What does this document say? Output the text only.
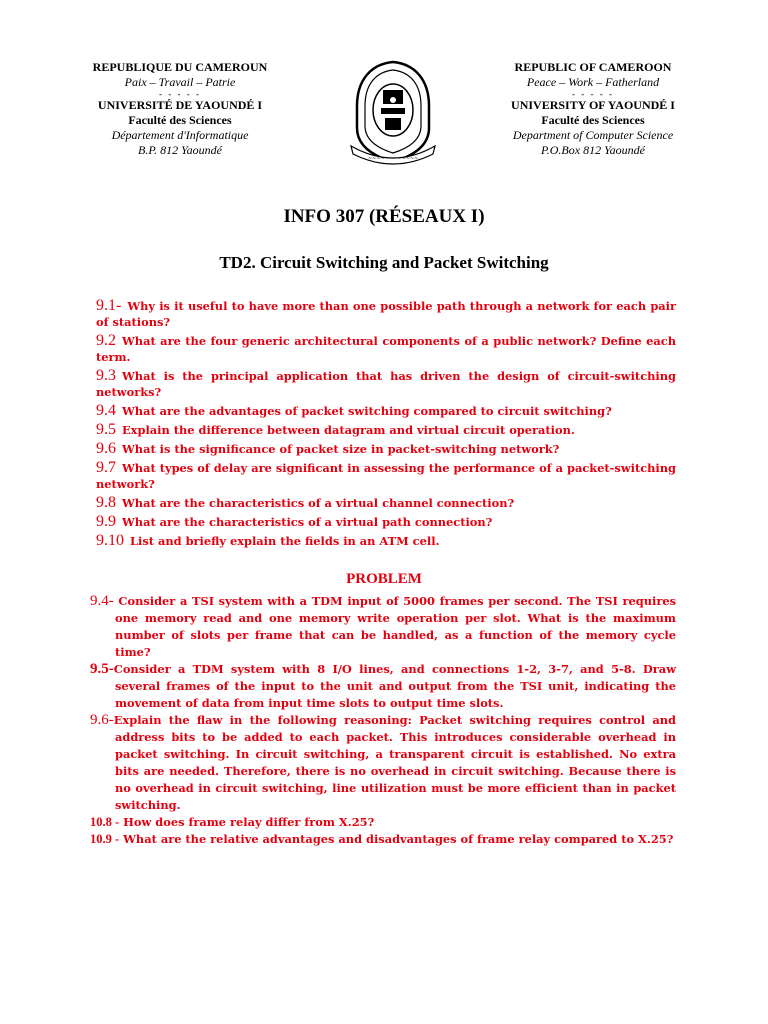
REPUBLIQUE DU CAMEROUN
Paix – Travail – Patrie
- - - - -
UNIVERSITÉ DE YAOUNDÉ I
Faculté des Sciences
Département d'Informatique
B.P. 812 Yaoundé
~~~~~~~~~~~~
REPUBLIC OF CAMEROON
Peace – Work – Fatherland
- - - - -
UNIVERSITY OF YAOUNDÉ I
Faculté des Sciences
Department of Computer Science
P.O.Box 812 Yaoundé
INFO 307 (RÉSEAUX I)
TD2. Circuit Switching and Packet Switching
9.1- Why is it useful to have more than one possible path through a network for each pair of stations?
9.2 What are the four generic architectural components of a public network? Define each term.
9.3 What is the principal application that has driven the design of circuit-switching networks?
9.4 What are the advantages of packet switching compared to circuit switching?
9.5 Explain the difference between datagram and virtual circuit operation.
9.6 What is the significance of packet size in packet-switching network?
9.7 What types of delay are significant in assessing the performance of a packet-switching network?
9.8 What are the characteristics of a virtual channel connection?
9.9 What are the characteristics of a virtual path connection?
9.10 List and briefly explain the fields in an ATM cell.
PROBLEM
9.4- Consider a TSI system with a TDM input of 5000 frames per second. The TSI requires one memory read and one memory write operation per slot. What is the maximum number of slots per frame that can be handled, as a function of the memory cycle time?
9.5-Consider a TDM system with 8 I/O lines, and connections 1-2, 3-7, and 5-8. Draw several frames of the input to the unit and output from the TSI unit, indicating the movement of data from input time slots to output time slots.
9.6-Explain the flaw in the following reasoning: Packet switching requires control and address bits to be added to each packet. This introduces considerable overhead in packet switching. In circuit switching, a transparent circuit is established. No extra bits are needed. Therefore, there is no overhead in circuit switching. Because there is no overhead in circuit switching, line utilization must be more efficient than in packet switching.
10.8 - How does frame relay differ from X.25?
10.9 - What are the relative advantages and disadvantages of frame relay compared to X.25?
